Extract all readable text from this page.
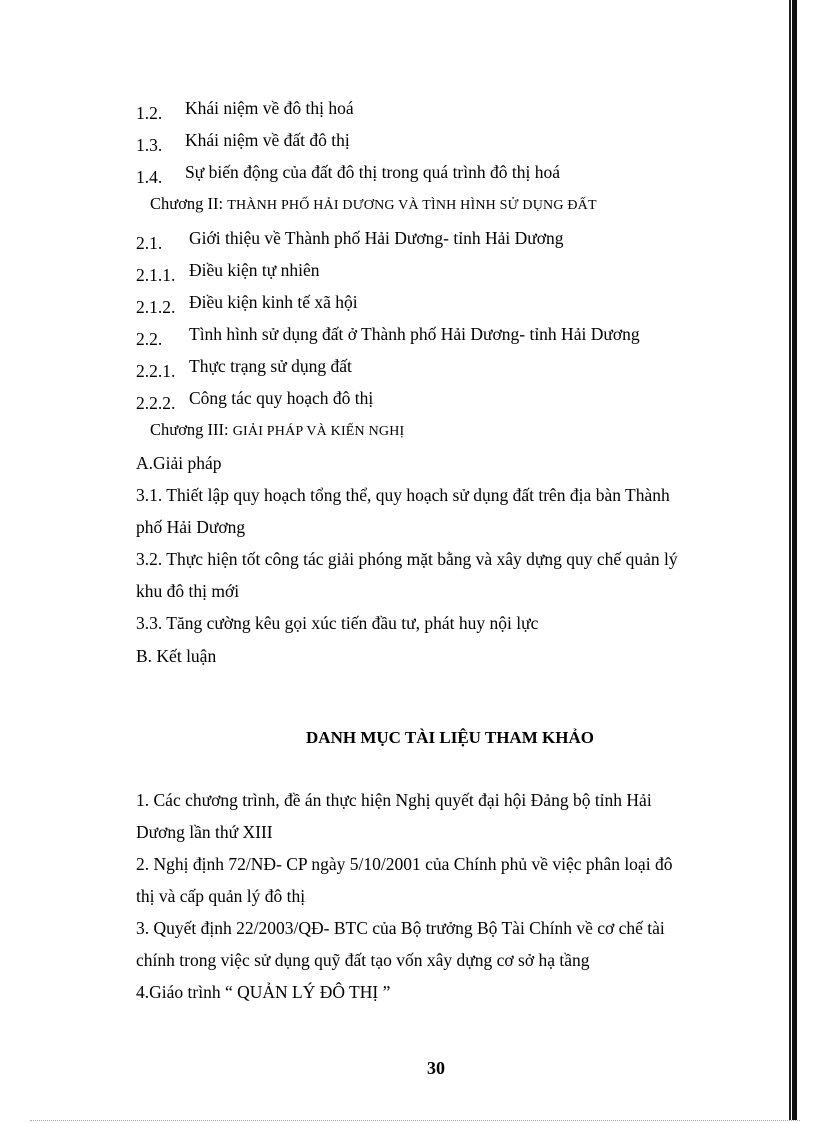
1.2. Khái niệm về đô thị hoá
1.3. Khái niệm về đất đô thị
1.4. Sự biến động của đất đô thị trong quá trình đô thị hoá
Chương II: THÀNH PHỐ HẢI DƯƠNG VÀ TÌNH HÌNH SỬ DỤNG ĐẤT
2.1. Giới thiệu về Thành phố Hải Dương- tỉnh Hải Dương
2.1.1. Điều kiện tự nhiên
2.1.2. Điều kiện kinh tế xã hội
2.2. Tình hình sử dụng đất ở Thành phố Hải Dương- tỉnh Hải Dương
2.2.1. Thực trạng sử dụng đất
2.2.2. Công tác quy hoạch đô thị
Chương III: GIẢI PHÁP VÀ KIẾN NGHỊ
A.Giải pháp
3.1. Thiết lập quy hoạch tổng thể, quy hoạch sử dụng đất trên địa bàn Thành
phố Hải Dương
3.2. Thực hiện tốt công tác giải phóng mặt bằng và xây dựng quy chế quản lý
khu đô thị mới
3.3. Tăng cường kêu gọi xúc tiến đầu tư, phát huy nội lực
B. Kết luận
DANH MỤC TÀI LIỆU THAM KHẢO
1. Các chương trình, đề án thực hiện Nghị quyết đại hội Đảng bộ tỉnh Hải
Dương lần thứ XIII
2. Nghị định 72/NĐ- CP ngày 5/10/2001 của Chính phủ về việc phân loại đô
thị và cấp quản lý đô thị
3. Quyết định 22/2003/QĐ- BTC của Bộ trưởng Bộ Tài Chính về cơ chế tài
chính trong việc sử dụng quỹ đất tạo vốn xây dựng cơ sở hạ tầng
4.Giáo trình “ QUẢN LÝ ĐÔ THỊ ”
30
